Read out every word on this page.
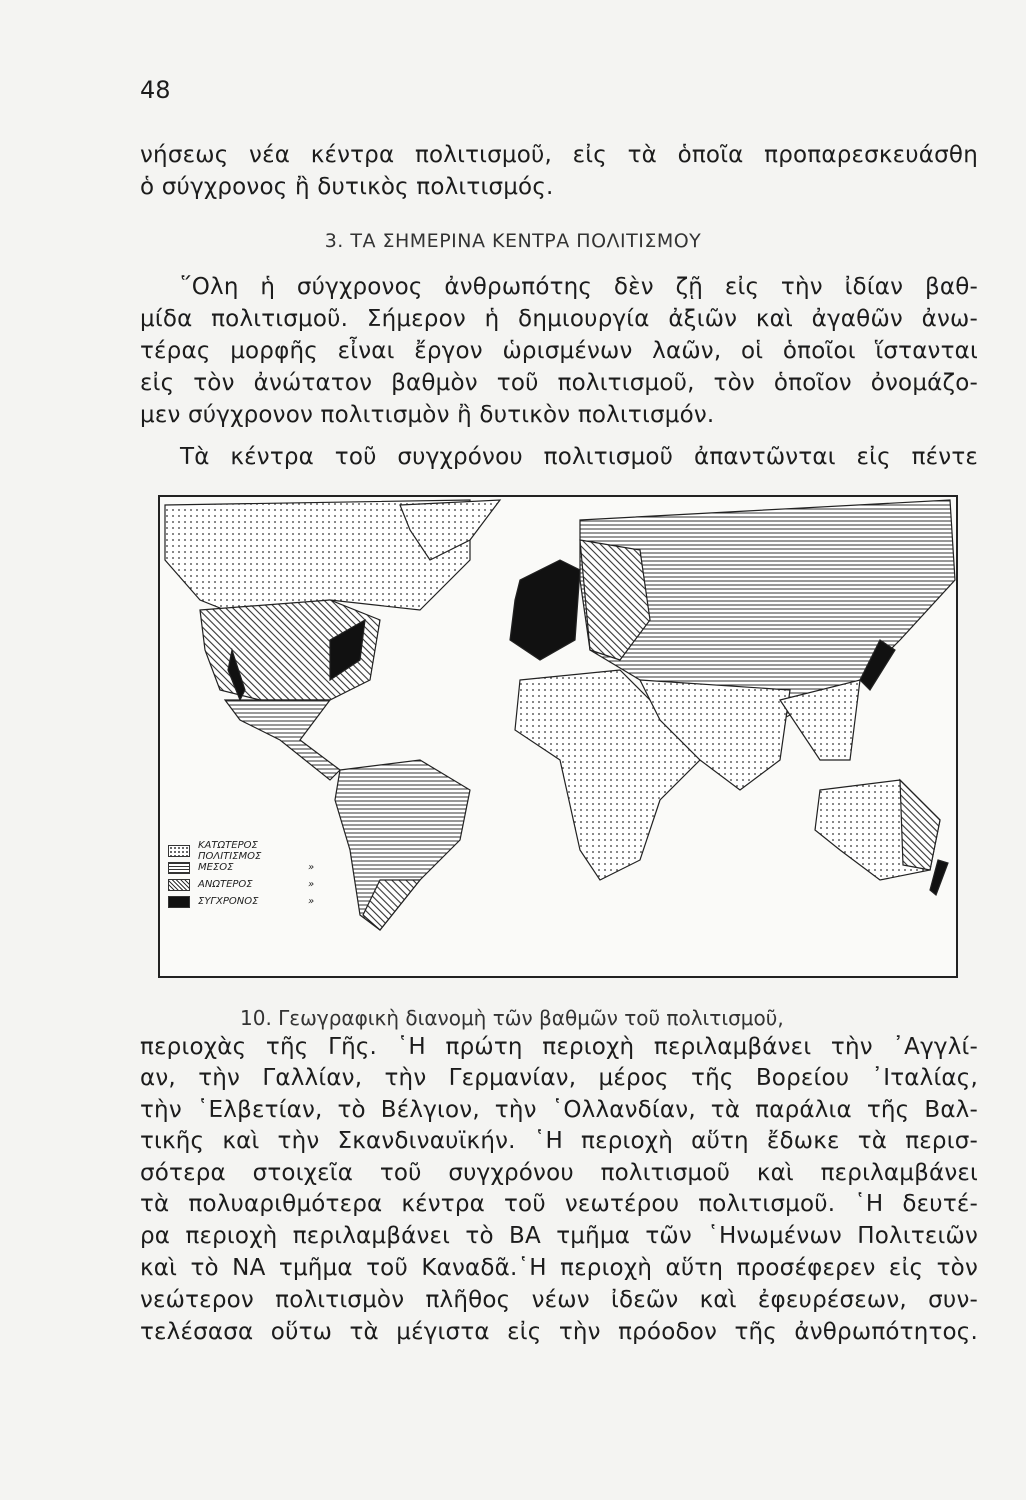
48
νήσεως νέα κέντρα πολιτισμοῦ, εἰς τὰ ὁποῖα προπαρεσκευάσθη
ὁ σύγχρονος ἢ δυτικὸς πολιτισμός.
3. ΤΑ ΣΗΜΕΡΙΝΑ ΚΕΝΤΡΑ ΠΟΛΙΤΙΣΜΟΥ
῞Ολη ἡ σύγχρονος ἀνθρωπότης δὲν ζῇ εἰς τὴν ἰδίαν βαθ-
μίδα πολιτισμοῦ. Σήμερον ἡ δημιουργία ἀξιῶν καὶ ἀγαθῶν ἀνω-
τέρας μορφῆς εἶναι ἔργον ὡρισμένων λαῶν, οἱ ὁποῖοι ἵστανται
εἰς τὸν ἀνώτατον βαθμὸν τοῦ πολιτισμοῦ, τὸν ὁποῖον ὀνομάζο-
μεν σύγχρονον πολιτισμὸν ἢ δυτικὸν πολιτισμόν.
Τὰ κέντρα τοῦ συγχρόνου πολιτισμοῦ ἀπαντῶνται εἰς πέντε
ΚΑΤΩΤΕΡΟΣ ΠΟΛΙΤΙΣΜΟΣ
ΜΕΣΟΣ	»
ΑΝΩΤΕΡΟΣ	»
ΣΥΓΧΡΟΝΟΣ	»
10. Γεωγραφικὴ διανομὴ τῶν βαθμῶν τοῦ πολιτισμοῦ,
περιοχὰς τῆς Γῆς. ῾Η πρώτη περιοχὴ περιλαμβάνει τὴν ᾿Αγγλί-
αν, τὴν Γαλλίαν, τὴν Γερμανίαν, μέρος τῆς Βορείου ᾿Ιταλίας,
τὴν ῾Ελβετίαν, τὸ Βέλγιον, τὴν ῾Ολλανδίαν, τὰ παράλια τῆς Βαλ-
τικῆς καὶ τὴν Σκανδιναυϊκήν. ῾Η περιοχὴ αὕτη ἔδωκε τὰ περισ-
σότερα στοιχεῖα τοῦ συγχρόνου πολιτισμοῦ καὶ περιλαμβάνει
τὰ πολυαριθμότερα κέντρα τοῦ νεωτέρου πολιτισμοῦ. ῾Η δευτέ-
ρα περιοχὴ περιλαμβάνει τὸ ΒΑ τμῆμα τῶν ῾Ηνωμένων Πολιτειῶν
καὶ τὸ ΝΑ τμῆμα τοῦ Καναδᾶ.῾Η περιοχὴ αὕτη προσέφερεν εἰς τὸν
νεώτερον πολιτισμὸν πλῆθος νέων ἰδεῶν καὶ ἐφευρέσεων, συν-
τελέσασα οὕτω τὰ μέγιστα εἰς τὴν πρόοδον τῆς ἀνθρωπότητος.
